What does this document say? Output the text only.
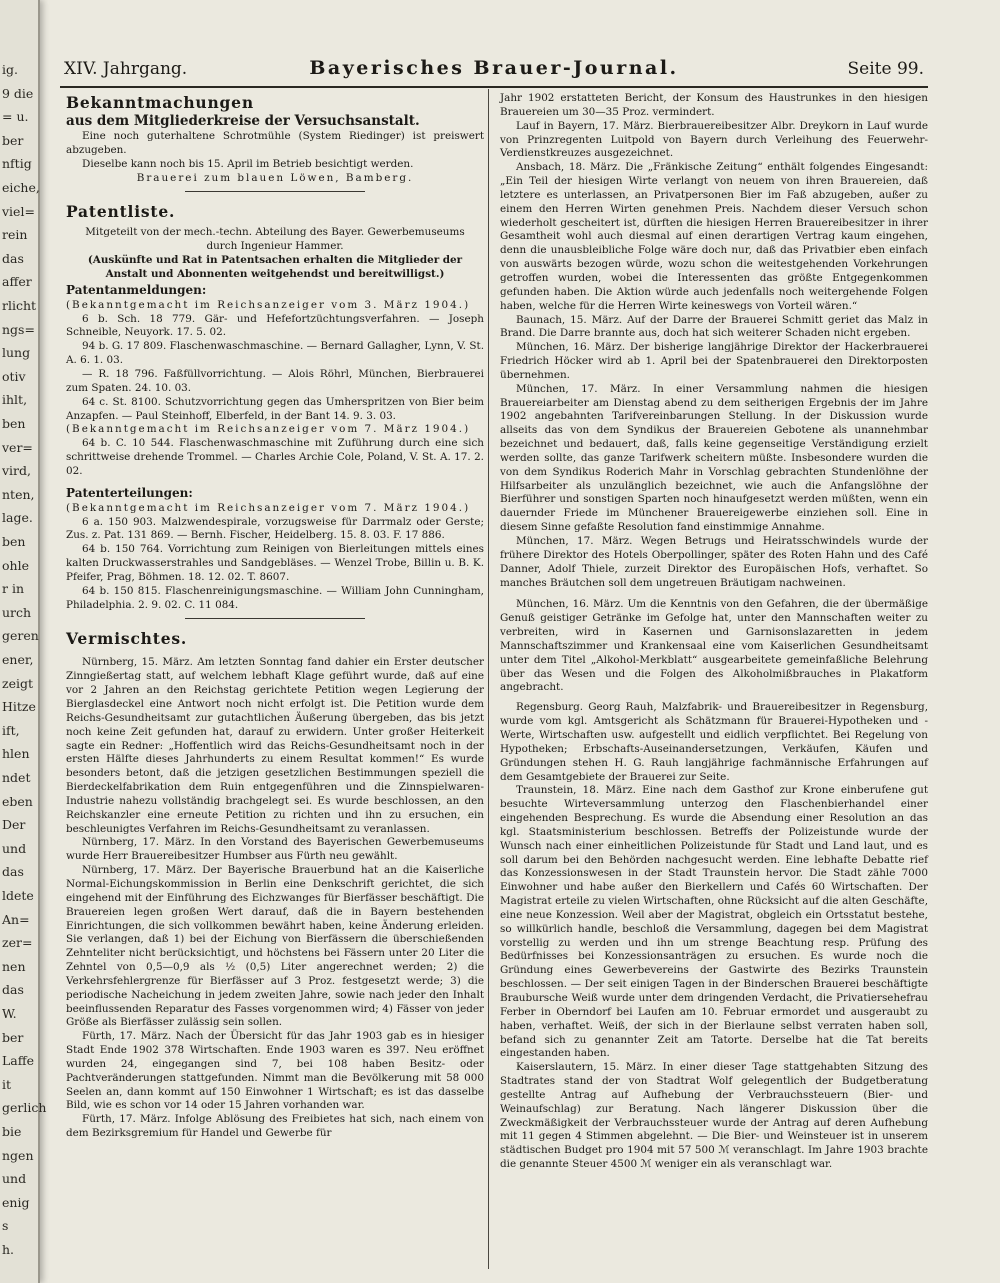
ig.
9 die
= u.
ber
nftig
eiche,
viel=
rein
das
affer
rlicht
ngs=
lung
otiv
ihlt,
ben
ver=
vird,
nten,
lage.
ben
ohle
r in
urch
geren
ener,
zeigt
Hitze
ift,
hlen
ndet
eben
Der
und
das
ldete
An=
zer=
nen
das
W.
ber
Laffe
it
gerlich
bie
ngen
und
enig
s
h.
XIV. Jahrgang.	Bayerisches Brauer-Journal.	Seite 99.

Bekanntmachungen

aus dem Mitgliederkreise der Versuchsanstalt.

Eine noch guterhaltene Schrotmühle (System Riedinger) ist preiswert abzugeben.

Dieselbe kann noch bis 15. April im Betrieb besichtigt werden.

Brauerei zum blauen Löwen, Bamberg.

Patentliste.

Mitgeteilt von der mech.-techn. Abteilung des Bayer. Gewerbemuseums

durch Ingenieur Hammer.

(Auskünfte und Rat in Patentsachen erhalten die Mitglieder der Anstalt und Abonnenten weitgehendst und bereitwilligst.)

Patentanmeldungen:

(Bekanntgemacht im Reichsanzeiger vom 3. März 1904.)

6 b. Sch. 18 779. Gär- und Hefefortzüchtungsverfahren. — Joseph Schneible, Neuyork. 17. 5. 02.

94 b. G. 17 809. Flaschenwaschmaschine. — Bernard Gallagher, Lynn, V. St. A. 6. 1. 03.

— R. 18 796. Faßfüllvorrichtung. — Alois Röhrl, München, Bierbrauerei zum Spaten. 24. 10. 03.

64 c. St. 8100. Schutzvorrichtung gegen das Umherspritzen von Bier beim Anzapfen. — Paul Steinhoff, Elberfeld, in der Bant 14. 9. 3. 03.

(Bekanntgemacht im Reichsanzeiger vom 7. März 1904.)

64 b. C. 10 544. Flaschenwaschmaschine mit Zuführung durch eine sich schrittweise drehende Trommel. — Charles Archie Cole, Poland, V. St. A. 17. 2. 02.

Patenterteilungen:

(Bekanntgemacht im Reichsanzeiger vom 7. März 1904.)

6 a. 150 903. Malzwendespirale, vorzugsweise für Darrmalz oder Gerste; Zus. z. Pat. 131 869. — Bernh. Fischer, Heidelberg. 15. 8. 03. F. 17 886.

64 b. 150 764. Vorrichtung zum Reinigen von Bierleitungen mittels eines kalten Druckwasserstrahles und Sandgebläses. — Wenzel Trobe, Billin u. B. K. Pfeifer, Prag, Böhmen. 18. 12. 02. T. 8607.

64 b. 150 815. Flaschenreinigungsmaschine. — William John Cunningham, Philadelphia. 2. 9. 02. C. 11 084.

Vermischtes.

Nürnberg, 15. März. Am letzten Sonntag fand dahier ein Erster deutscher Zinngießertag statt, auf welchem lebhaft Klage geführt wurde, daß auf eine vor 2 Jahren an den Reichstag gerichtete Petition wegen Legierung der Bierglasdeckel eine Antwort noch nicht erfolgt ist. Die Petition wurde dem Reichs-Gesundheitsamt zur gutachtlichen Äußerung übergeben, das bis jetzt noch keine Zeit gefunden hat, darauf zu erwidern. Unter großer Heiterkeit sagte ein Redner: „Hoffentlich wird das Reichs-Gesundheitsamt noch in der ersten Hälfte dieses Jahrhunderts zu einem Resultat kommen!“ Es wurde besonders betont, daß die jetzigen gesetzlichen Bestimmungen speziell die Bierdeckelfabrikation dem Ruin entgegenführen und die Zinnspielwaren-Industrie nahezu vollständig brachgelegt sei. Es wurde beschlossen, an den Reichskanzler eine erneute Petition zu richten und ihn zu ersuchen, ein beschleunigtes Verfahren im Reichs-Gesundheitsamt zu veranlassen.

Nürnberg, 17. März. In den Vorstand des Bayerischen Gewerbemuseums wurde Herr Brauereibesitzer Humbser aus Fürth neu gewählt.

Nürnberg, 17. März. Der Bayerische Brauerbund hat an die Kaiserliche Normal-Eichungskommission in Berlin eine Denkschrift gerichtet, die sich eingehend mit der Einführung des Eichzwanges für Bierfässer beschäftigt. Die Brauereien legen großen Wert darauf, daß die in Bayern bestehenden Einrichtungen, die sich vollkommen bewährt haben, keine Änderung erleiden. Sie verlangen, daß 1) bei der Eichung von Bierfässern die überschießenden Zehnteliter nicht berücksichtigt, und höchstens bei Fässern unter 20 Liter die Zehntel von 0,5—0,9 als ½ (0,5) Liter angerechnet werden; 2) die Verkehrsfehlergrenze für Bierfässer auf 3 Proz. festgesetzt werde; 3) die periodische Nacheichung in jedem zweiten Jahre, sowie nach jeder den Inhalt beeinflussenden Reparatur des Fasses vorgenommen wird; 4) Fässer von jeder Größe als Bierfässer zulässig sein sollen.

Fürth, 17. März. Nach der Übersicht für das Jahr 1903 gab es in hiesiger Stadt Ende 1902 378 Wirtschaften. Ende 1903 waren es 397. Neu eröffnet wurden 24, eingegangen sind 7, bei 108 haben Besitz- oder Pachtveränderungen stattgefunden. Nimmt man die Bevölkerung mit 58 000 Seelen an, dann kommt auf 150 Einwohner 1 Wirtschaft; es ist das dasselbe Bild, wie es schon vor 14 oder 15 Jahren vorhanden war.

Fürth, 17. März. Infolge Ablösung des Freibietes hat sich, nach einem von dem Bezirksgremium für Handel und Gewerbe für

Jahr 1902 erstatteten Bericht, der Konsum des Haustrunkes in den hiesigen Brauereien um 30—35 Proz. vermindert.

Lauf in Bayern, 17. März. Bierbrauereibesitzer Albr. Dreykorn in Lauf wurde von Prinzregenten Luitpold von Bayern durch Verleihung des Feuerwehr-Verdienstkreuzes ausgezeichnet.

Ansbach, 18. März. Die „Fränkische Zeitung“ enthält folgendes Eingesandt: „Ein Teil der hiesigen Wirte verlangt von neuem von ihren Brauereien, daß letztere es unterlassen, an Privatpersonen Bier im Faß abzugeben, außer zu einem den Herren Wirten genehmen Preis. Nachdem dieser Versuch schon wiederholt gescheitert ist, dürften die hiesigen Herren Brauereibesitzer in ihrer Gesamtheit wohl auch diesmal auf einen derartigen Vertrag kaum eingehen, denn die unausbleibliche Folge wäre doch nur, daß das Privatbier eben einfach von auswärts bezogen würde, wozu schon die weitestgehenden Vorkehrungen getroffen wurden, wobei die Interessenten das größte Entgegenkommen gefunden haben. Die Aktion würde auch jedenfalls noch weitergehende Folgen haben, welche für die Herren Wirte keineswegs von Vorteil wären.“

Baunach, 15. März. Auf der Darre der Brauerei Schmitt geriet das Malz in Brand. Die Darre brannte aus, doch hat sich weiterer Schaden nicht ergeben.

München, 16. März. Der bisherige langjährige Direktor der Hackerbrauerei Friedrich Höcker wird ab 1. April bei der Spatenbrauerei den Direktorposten übernehmen.

München, 17. März. In einer Versammlung nahmen die hiesigen Brauereiarbeiter am Dienstag abend zu dem seitherigen Ergebnis der im Jahre 1902 angebahnten Tarifvereinbarungen Stellung. In der Diskussion wurde allseits das von dem Syndikus der Brauereien Gebotene als unannehmbar bezeichnet und bedauert, daß, falls keine gegenseitige Verständigung erzielt werden sollte, das ganze Tarifwerk scheitern müßte. Insbesondere wurden die von dem Syndikus Roderich Mahr in Vorschlag gebrachten Stundenlöhne der Hilfsarbeiter als unzulänglich bezeichnet, wie auch die Anfangslöhne der Bierführer und sonstigen Sparten noch hinaufgesetzt werden müßten, wenn ein dauernder Friede im Münchener Brauereigewerbe einziehen soll. Eine in diesem Sinne gefaßte Resolution fand einstimmige Annahme.

München, 17. März. Wegen Betrugs und Heiratsschwindels wurde der frühere Direktor des Hotels Oberpollinger, später des Roten Hahn und des Café Danner, Adolf Thiele, zurzeit Direktor des Europäischen Hofs, verhaftet. So manches Bräutchen soll dem ungetreuen Bräutigam nachweinen.

München, 16. März. Um die Kenntnis von den Gefahren, die der übermäßige Genuß geistiger Getränke im Gefolge hat, unter den Mannschaften weiter zu verbreiten, wird in Kasernen und Garnisonslazaretten in jedem Mannschaftszimmer und Krankensaal eine vom Kaiserlichen Gesundheitsamt unter dem Titel „Alkohol-Merkblatt“ ausgearbeitete gemeinfaßliche Belehrung über das Wesen und die Folgen des Alkoholmißbrauches in Plakatform angebracht.

Regensburg. Georg Rauh, Malzfabrik- und Brauereibesitzer in Regensburg, wurde vom kgl. Amtsgericht als Schätzmann für Brauerei-Hypotheken und -Werte, Wirtschaften usw. aufgestellt und eidlich verpflichtet. Bei Regelung von Hypotheken; Erbschafts-Auseinandersetzungen, Verkäufen, Käufen und Gründungen stehen H. G. Rauh langjährige fachmännische Erfahrungen auf dem Gesamtgebiete der Brauerei zur Seite.

Traunstein, 18. März. Eine nach dem Gasthof zur Krone einberufene gut besuchte Wirteversammlung unterzog den Flaschenbierhandel einer eingehenden Besprechung. Es wurde die Absendung einer Resolution an das kgl. Staatsministerium beschlossen. Betreffs der Polizeistunde wurde der Wunsch nach einer einheitlichen Polizeistunde für Stadt und Land laut, und es soll darum bei den Behörden nachgesucht werden. Eine lebhafte Debatte rief das Konzessionswesen in der Stadt Traunstein hervor. Die Stadt zähle 7000 Einwohner und habe außer den Bierkellern und Cafés 60 Wirtschaften. Der Magistrat erteile zu vielen Wirtschaften, ohne Rücksicht auf die alten Geschäfte, eine neue Konzession. Weil aber der Magistrat, obgleich ein Ortsstatut bestehe, so willkürlich handle, beschloß die Versammlung, dagegen bei dem Magistrat vorstellig zu werden und ihn um strenge Beachtung resp. Prüfung des Bedürfnisses bei Konzessionsanträgen zu ersuchen. Es wurde noch die Gründung eines Gewerbevereins der Gastwirte des Bezirks Traunstein beschlossen. — Der seit einigen Tagen in der Binderschen Brauerei beschäftigte Brauburschе Weiß wurde unter dem dringenden Verdacht, die Privatiersehefrau Ferber in Oberndorf bei Laufen am 10. Februar ermordet und ausgeraubt zu haben, verhaftet. Weiß, der sich in der Bierlaune selbst verraten haben soll, befand sich zu genannter Zeit am Tatorte. Derselbe hat die Tat bereits eingestanden haben.

Kaiserslautern, 15. März. In einer dieser Tage stattgehabten Sitzung des Stadtrates stand der von Stadtrat Wolf gelegentlich der Budgetberatung gestellte Antrag auf Aufhebung der Verbrauchssteuern (Bier- und Weinaufschlag) zur Beratung. Nach längerer Diskussion über die Zweckmäßigkeit der Verbrauchssteuer wurde der Antrag auf deren Aufhebung mit 11 gegen 4 Stimmen abgelehnt. — Die Bier- und Weinsteuer ist in unserem städtischen Budget pro 1904 mit 57 500 ℳ veranschlagt. Im Jahre 1903 brachte die genannte Steuer 4500 ℳ weniger ein als veranschlagt war.
